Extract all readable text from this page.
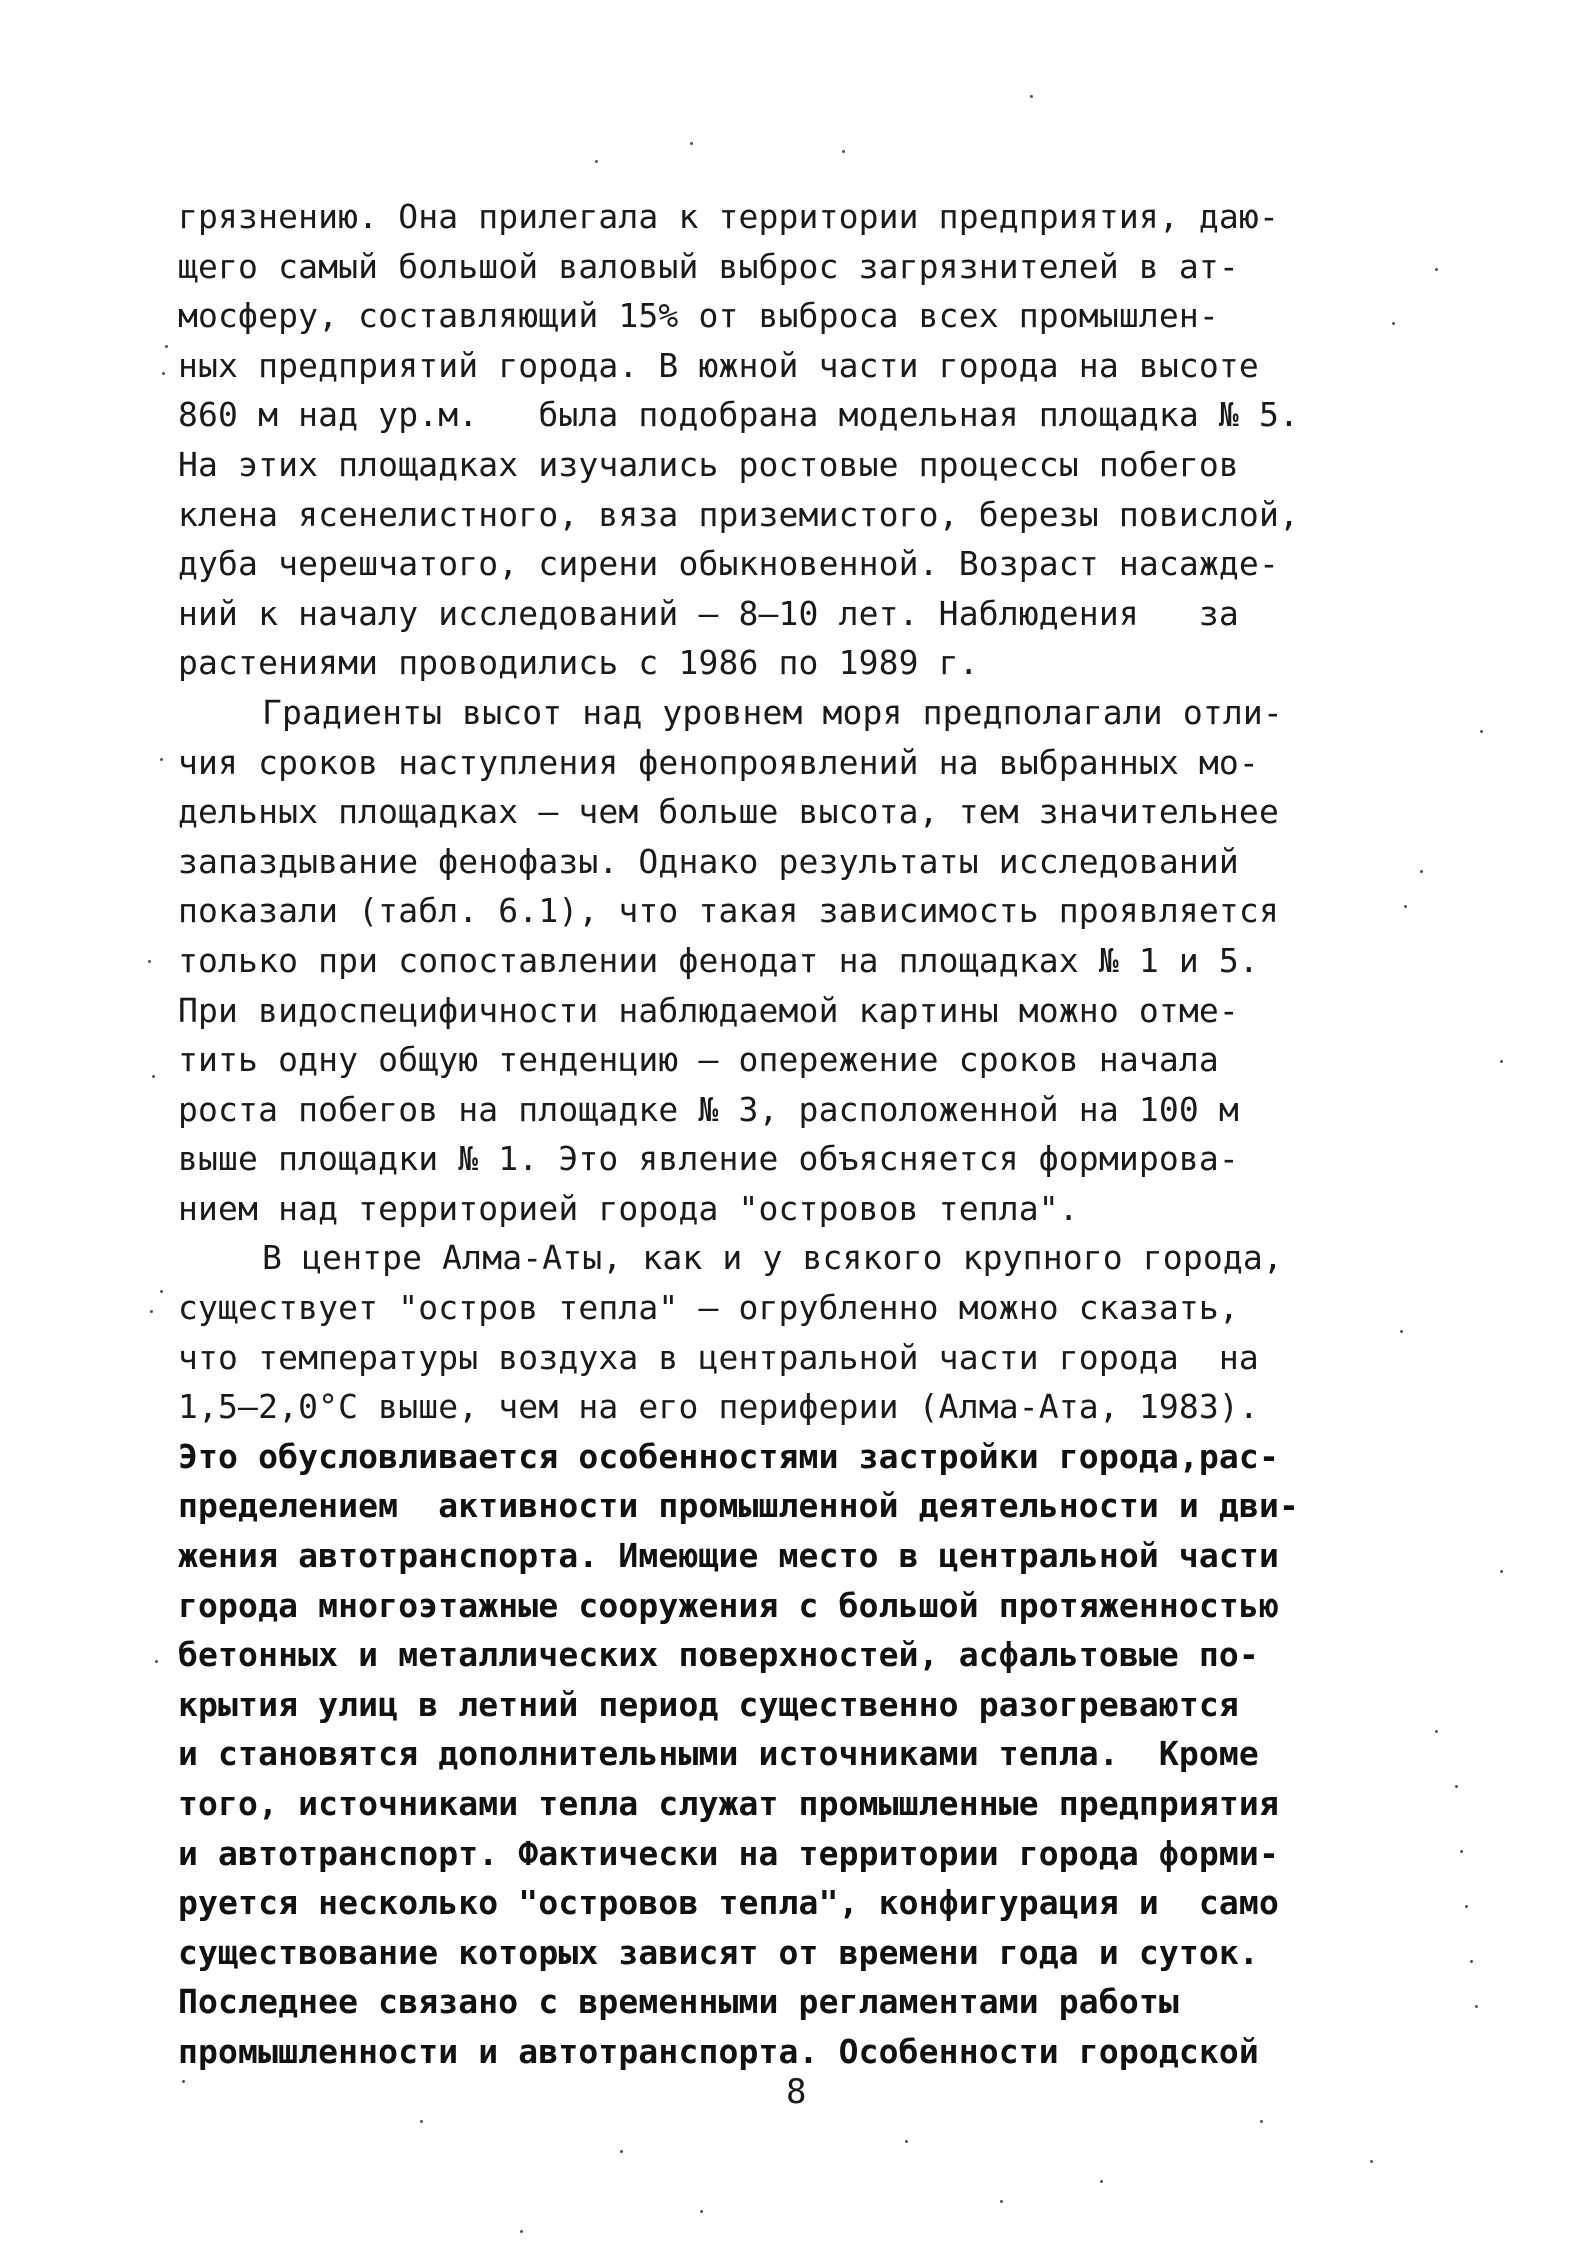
грязнению. Она прилегала к территории предприятия, даю-
щего самый большой валовый выброс загрязнителей в ат-
мосферу, составляющий 15% от выброса всех промышлен-
ных предприятий города. В южной части города на высоте
860 м над ур.м.   была подобрана модельная площадка № 5.
На этих площадках изучались ростовые процессы побегов
клена ясенелистного, вяза приземистого, березы повислой,
дуба черешчатого, сирени обыкновенной. Возраст насажде-
ний к началу исследований – 8–10 лет. Наблюдения   за
растениями проводились с 1986 по 1989 г.
Градиенты высот над уровнем моря предполагали отли-
чия сроков наступления фенопроявлений на выбранных мо-
дельных площадках – чем больше высота, тем значительнее
запаздывание фенофазы. Однако результаты исследований
показали (табл. 6.1), что такая зависимость проявляется
только при сопоставлении фенодат на площадках № 1 и 5.
При видоспецифичности наблюдаемой картины можно отме-
тить одну общую тенденцию – опережение сроков начала
роста побегов на площадке № 3, расположенной на 100 м
выше площадки № 1. Это явление объясняется формирова-
нием над территорией города "островов тепла".
В центре Алма-Аты, как и у всякого крупного города,
существует "остров тепла" – огрубленно можно сказать,
что температуры воздуха в центральной части города  на
1,5–2,0°С выше, чем на его периферии (Алма-Ата, 1983).
Это обусловливается особенностями застройки города,рас-
пределением  активности промышленной деятельности и дви-
жения автотранспорта. Имеющие место в центральной части
города многоэтажные сооружения с большой протяженностью
бетонных и металлических поверхностей, асфальтовые по-
крытия улиц в летний период существенно разогреваются
и становятся дополнительными источниками тепла.  Кроме
того, источниками тепла служат промышленные предприятия
и автотранспорт. Фактически на территории города форми-
руется несколько "островов тепла", конфигурация и  само
существование которых зависят от времени года и суток.
Последнее связано с временными регламентами работы
промышленности и автотранспорта. Особенности городской
8
